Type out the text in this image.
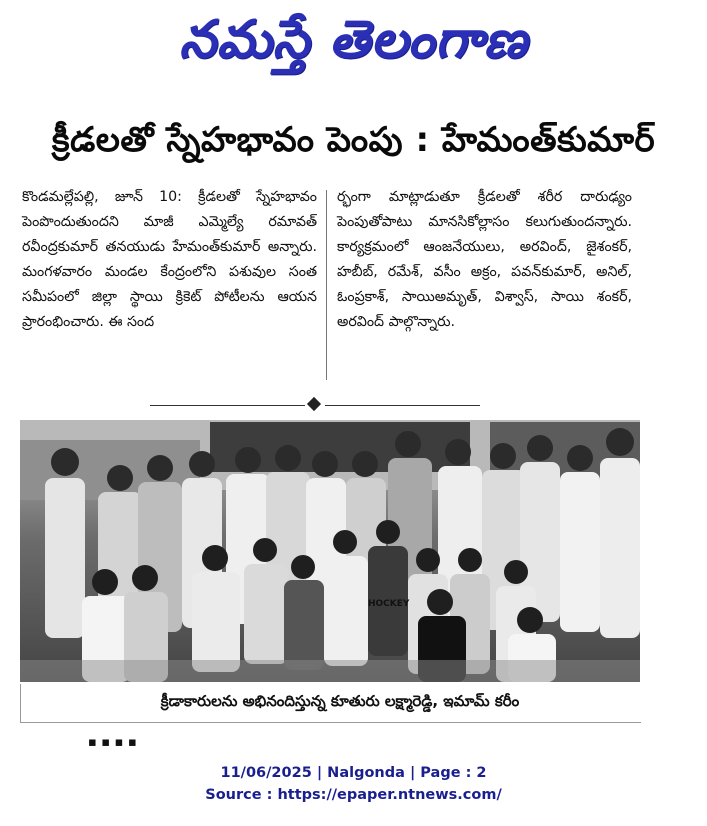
నమస్తే తెలంగాణ
క్రీడలతో స్నేహభావం పెంపు : హేమంత్‌కుమార్

కొండమల్లేపల్లి, జూన్ 10: క్రీడలతో స్నేహభావం పెంపొందుతుందని మాజీ ఎమ్మెల్యే రమావత్ రవీంద్రకుమార్ తనయుడు హేమంత్‌కుమార్ అన్నారు. మంగళవారం మండల కేంద్రంలోని పశువుల సంత సమీపంలో జిల్లా స్థాయి క్రికెట్ పోటీలను ఆయన ప్రారంభించారు. ఈ సంద

ర్భంగా మాట్లాడుతూ క్రీడలతో శరీర దారుఢ్యం పెంపుతోపాటు మానసికోల్లాసం కలుగుతుందన్నారు. కార్యక్రమంలో ఆంజనేయులు, అరవింద్, జైశంకర్, హబీబ్, రమేశ్, వసీం అక్రం, పవన్‌కుమార్, అనిల్, ఓంప్రకాశ్, సాయిఅమృత్, విశ్వాస్, సాయి శంకర్, అరవింద్ పాల్గొన్నారు.

HOCKEY
క్రీడాకారులను అభినందిస్తున్న కూతురు లక్ష్మారెడ్డి, ఇమామ్ కరీం
▪ ▪ ▪ ▪
11/06/2025 | Nalgonda | Page : 2
Source : https://epaper.ntnews.com/
